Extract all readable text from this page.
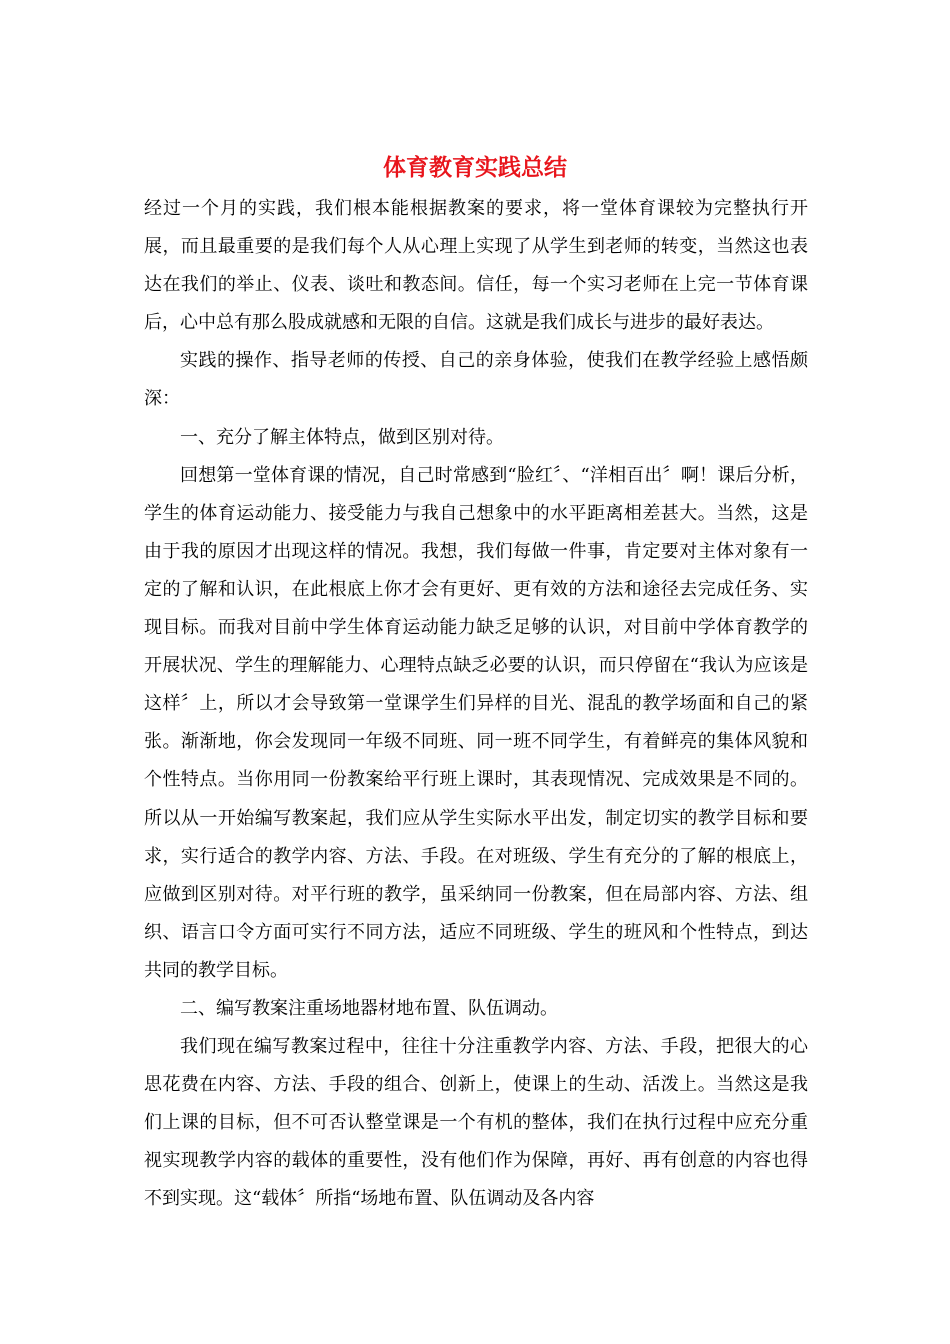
体育教育实践总结

经过一个月的实践，我们根本能根据教案的要求，将一堂体育课较为完整执行开展，而且最重要的是我们每个人从心理上实现了从学生到老师的转变，当然这也表达在我们的举止、仪表、谈吐和教态间。信任，每一个实习老师在上完一节体育课后，心中总有那么股成就感和无限的自信。这就是我们成长与进步的最好表达。

实践的操作、指导老师的传授、自己的亲身体验，使我们在教学经验上感悟颇深：

一、充分了解主体特点，做到区别对待。

回想第一堂体育课的情况，自己时常感到“脸红〞、“洋相百出〞啊！课后分析，学生的体育运动能力、接受能力与我自己想象中的水平距离相差甚大。当然，这是由于我的原因才出现这样的情况。我想，我们每做一件事，肯定要对主体对象有一定的了解和认识，在此根底上你才会有更好、更有效的方法和途径去完成任务、实现目标。而我对目前中学生体育运动能力缺乏足够的认识，对目前中学体育教学的开展状况、学生的理解能力、心理特点缺乏必要的认识，而只停留在“我认为应该是这样〞上，所以才会导致第一堂课学生们异样的目光、混乱的教学场面和自己的紧张。渐渐地，你会发现同一年级不同班、同一班不同学生，有着鲜亮的集体风貌和个性特点。当你用同一份教案给平行班上课时，其表现情况、完成效果是不同的。所以从一开始编写教案起，我们应从学生实际水平出发，制定切实的教学目标和要求，实行适合的教学内容、方法、手段。在对班级、学生有充分的了解的根底上，应做到区别对待。对平行班的教学，虽采纳同一份教案，但在局部内容、方法、组织、语言口令方面可实行不同方法，适应不同班级、学生的班风和个性特点，到达共同的教学目标。

二、编写教案注重场地器材地布置、队伍调动。

我们现在编写教案过程中，往往十分注重教学内容、方法、手段，把很大的心思花费在内容、方法、手段的组合、创新上，使课上的生动、活泼上。当然这是我们上课的目标，但不可否认整堂课是一个有机的整体，我们在执行过程中应充分重视实现教学内容的载体的重要性，没有他们作为保障，再好、再有创意的内容也得不到实现。这“载体〞所指“场地布置、队伍调动及各内容
